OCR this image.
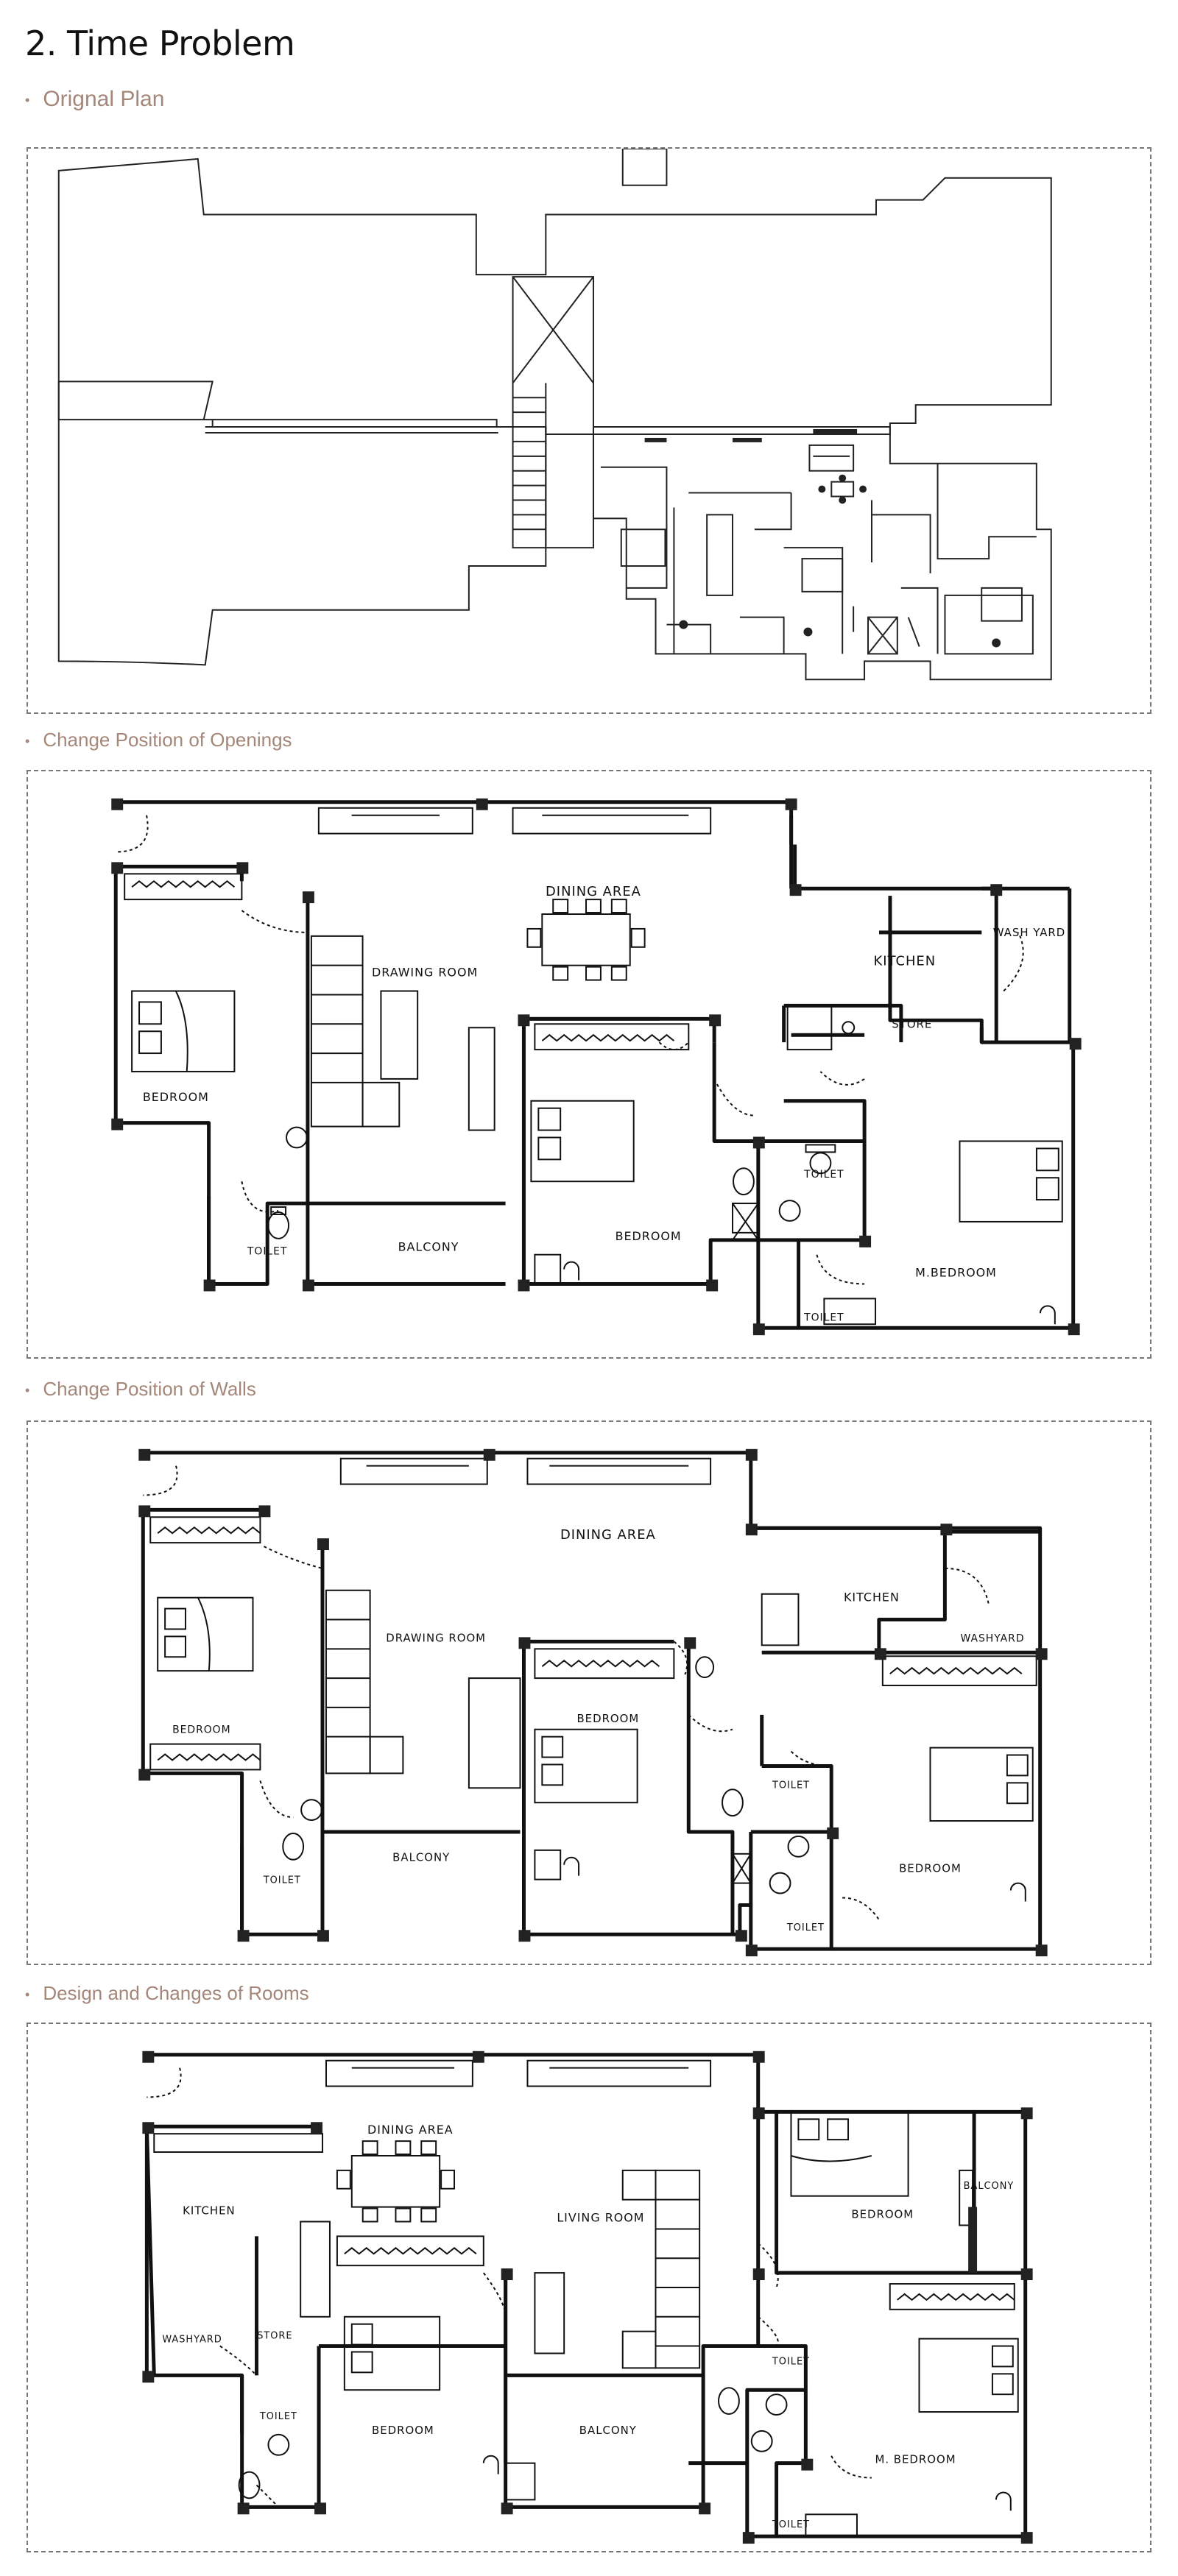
2. Time Problem
• Orignal Plan
• Change Position of Openings
DINING AREA
DRAWING ROOM
KITCHEN
WASH YARD
STORE
BEDROOM
BEDROOM
M.BEDROOM
TOILET
TOILET
TOILET
BALCONY
• Change Position of Walls
DINING AREA
DRAWING ROOM
KITCHEN
WASHYARD
BEDROOM
BEDROOM
BEDROOM
TOILET
TOILET
TOILET
BALCONY
• Design and Changes of Rooms
DINING AREA
KITCHEN	LIVING ROOM
WASHYARD	STORE
BEDROOM
BEDROOM
M. BEDROOM
TOILET
TOILET
TOILET
BALCONY
BALCONY
